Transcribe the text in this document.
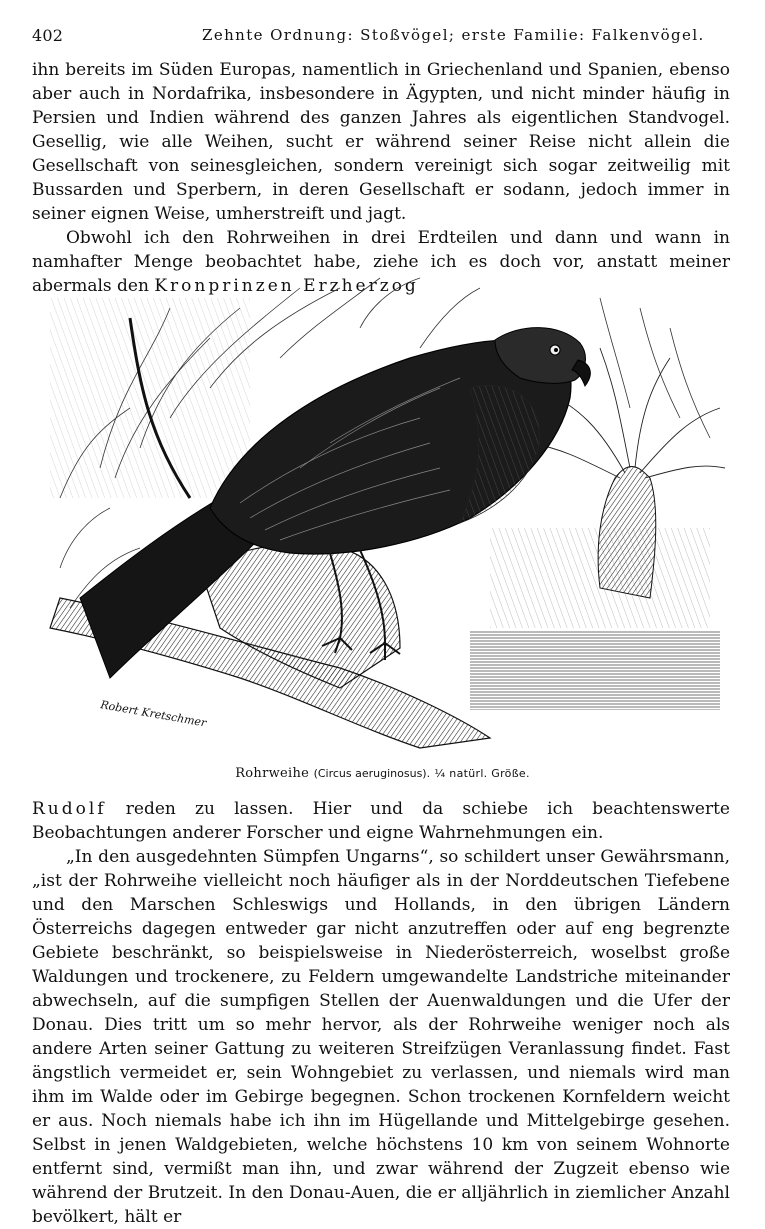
402	Zehnte Ordnung: Stoßvögel; erste Familie: Falkenvögel.

ihn bereits im Süden Europas, namentlich in Griechenland und Spanien, ebenso aber auch in Nordafrika, insbesondere in Ägypten, und nicht minder häufig in Persien und Indien während des ganzen Jahres als eigentlichen Standvogel. Gesellig, wie alle Weihen, sucht er während seiner Reise nicht allein die Gesellschaft von seinesgleichen, sondern vereinigt sich sogar zeitweilig mit Bussarden und Sperbern, in deren Gesellschaft er sodann, jedoch immer in seiner eignen Weise, umherstreift und jagt.

Obwohl ich den Rohrweihen in drei Erdteilen und dann und wann in namhafter Menge beobachtet habe, ziehe ich es doch vor, anstatt meiner abermals den Kronprinzen Erzherzog

Robert Kretschmer
Rohrweihe (Circus aeruginosus). ¼ natürl. Größe.

Rudolf reden zu lassen. Hier und da schiebe ich beachtenswerte Beobachtungen anderer Forscher und eigne Wahrnehmungen ein.

„In den ausgedehnten Sümpfen Ungarns“, so schildert unser Gewährsmann, „ist der Rohrweihe vielleicht noch häufiger als in der Norddeutschen Tiefebene und den Marschen Schleswigs und Hollands, in den übrigen Ländern Österreichs dagegen entweder gar nicht anzutreffen oder auf eng begrenzte Gebiete beschränkt, so beispielsweise in Niederösterreich, woselbst große Waldungen und trockenere, zu Feldern umgewandelte Landstriche miteinander abwechseln, auf die sumpfigen Stellen der Auenwaldungen und die Ufer der Donau. Dies tritt um so mehr hervor, als der Rohrweihe weniger noch als andere Arten seiner Gattung zu weiteren Streifzügen Veranlassung findet. Fast ängstlich vermeidet er, sein Wohngebiet zu verlassen, und niemals wird man ihm im Walde oder im Gebirge begegnen. Schon trockenen Kornfeldern weicht er aus. Noch niemals habe ich ihn im Hügellande und Mittelgebirge gesehen. Selbst in jenen Waldgebieten, welche höchstens 10 km von seinem Wohnorte entfernt sind, vermißt man ihn, und zwar während der Zugzeit ebenso wie während der Brutzeit. In den Donau-Auen, die er alljährlich in ziemlicher Anzahl bevölkert, hält er
